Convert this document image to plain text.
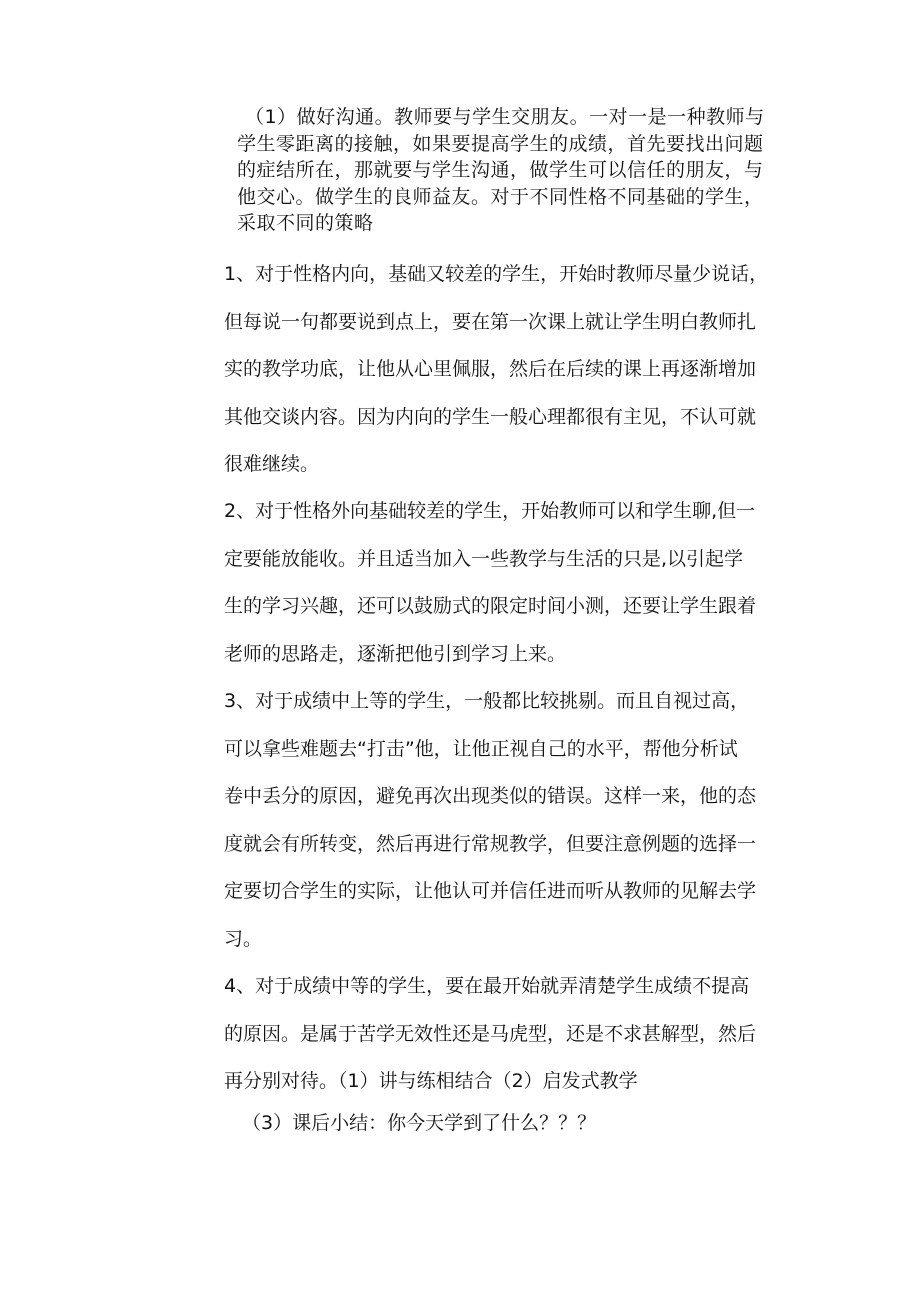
（1）做好沟通。教师要与学生交朋友。一对一是一种教师与
学生零距离的接触，如果要提高学生的成绩，首先要找出问题
的症结所在，那就要与学生沟通，做学生可以信任的朋友，与
他交心。做学生的良师益友。对于不同性格不同基础的学生，
采取不同的策略
1、对于性格内向，基础又较差的学生，开始时教师尽量少说话，
但每说一句都要说到点上，要在第一次课上就让学生明白教师扎
实的教学功底，让他从心里佩服，然后在后续的课上再逐渐增加
其他交谈内容。因为内向的学生一般心理都很有主见，不认可就
很难继续。
2、对于性格外向基础较差的学生，开始教师可以和学生聊,但一
定要能放能收。并且适当加入一些教学与生活的只是,以引起学
生的学习兴趣，还可以鼓励式的限定时间小测，还要让学生跟着
老师的思路走，逐渐把他引到学习上来。
3、对于成绩中上等的学生，一般都比较挑剔。而且自视过高，
可以拿些难题去“打击”他，让他正视自己的水平，帮他分析试
卷中丢分的原因，避免再次出现类似的错误。这样一来，他的态
度就会有所转变，然后再进行常规教学，但要注意例题的选择一
定要切合学生的实际，让他认可并信任进而听从教师的见解去学
习。
4、对于成绩中等的学生，要在最开始就弄清楚学生成绩不提高
的原因。是属于苦学无效性还是马虎型，还是不求甚解型，然后
再分别对待。（1）讲与练相结合（2）启发式教学
（3）课后小结：你今天学到了什么？？？
